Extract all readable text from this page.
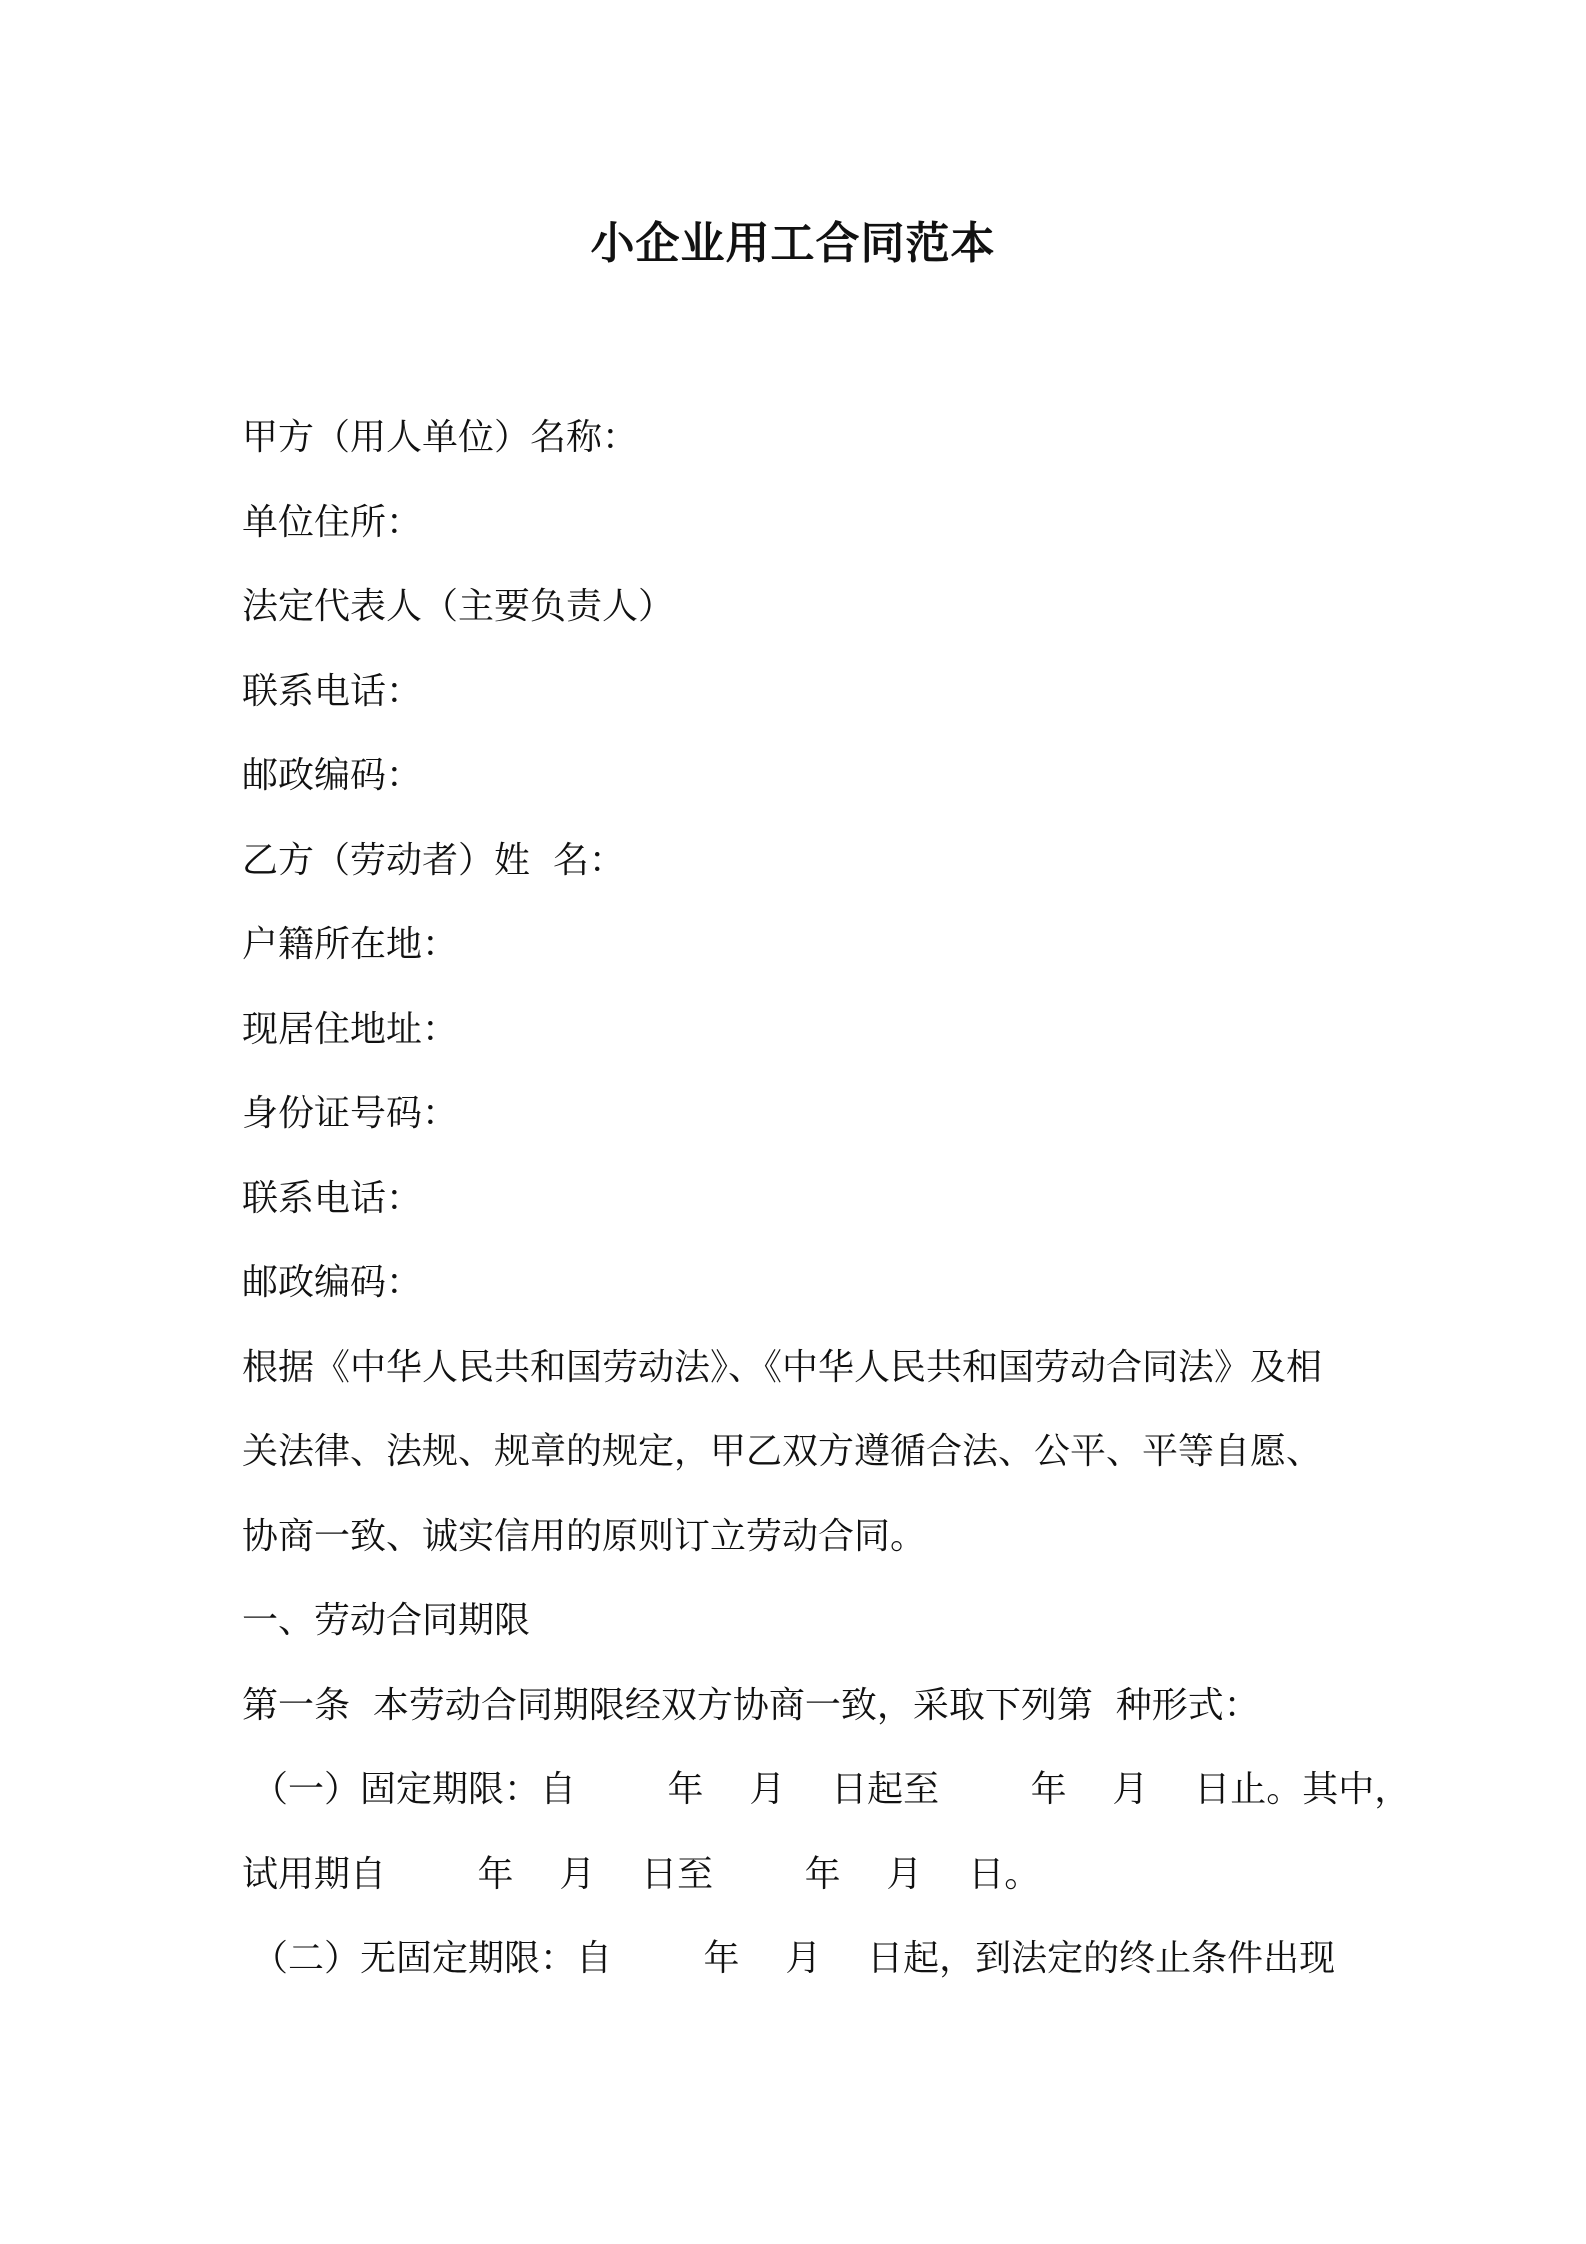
小企业用工合同范本
甲方（用人单位）名称：
单位住所：
法定代表人（主要负责人）
联系电话：
邮政编码：
乙方（劳动者）姓  名：
户籍所在地：
现居住地址：
身份证号码：
联系电话：
邮政编码：
根据《中华人民共和国劳动法》、《中华人民共和国劳动合同法》及相
关法律、法规、规章的规定，甲乙双方遵循合法、公平、平等自愿、
协商一致、诚实信用的原则订立劳动合同。
一、劳动合同期限
第一条  本劳动合同期限经双方协商一致，采取下列第  种形式：
（一）固定期限：自        年    月    日起至        年    月    日止。其中，
试用期自        年    月    日至        年    月    日。
（二）无固定期限：自        年    月    日起，到法定的终止条件出现
